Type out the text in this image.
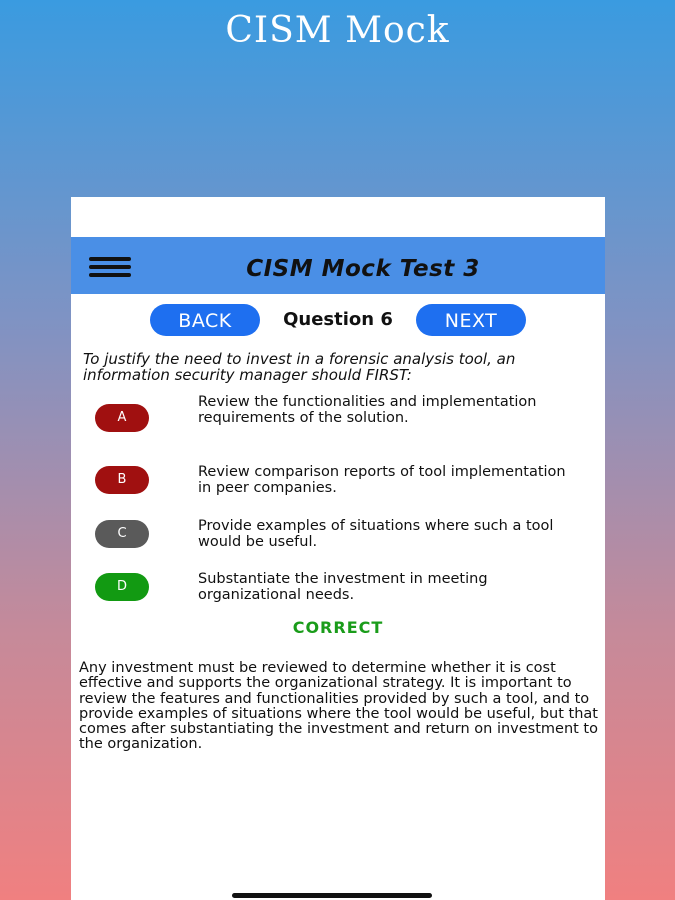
CISM Mock
CISM Mock Test 3
BACK	Question 6	NEXT
To justify the need to invest in a forensic analysis tool, an information security manager should FIRST:
A
Review the functionalities and implementation requirements of the solution.
B	Review comparison reports of tool implementation in peer companies.
C	Provide examples of situations where such a tool would be useful.
D	Substantiate the investment in meeting organizational needs.
CORRECT
Any investment must be reviewed to determine whether it is cost effective and supports the organizational strategy. It is important to review the features and functionalities provided by such a tool, and to provide examples of situations where the tool would be useful, but that comes after substantiating the investment and return on investment to the organization.
